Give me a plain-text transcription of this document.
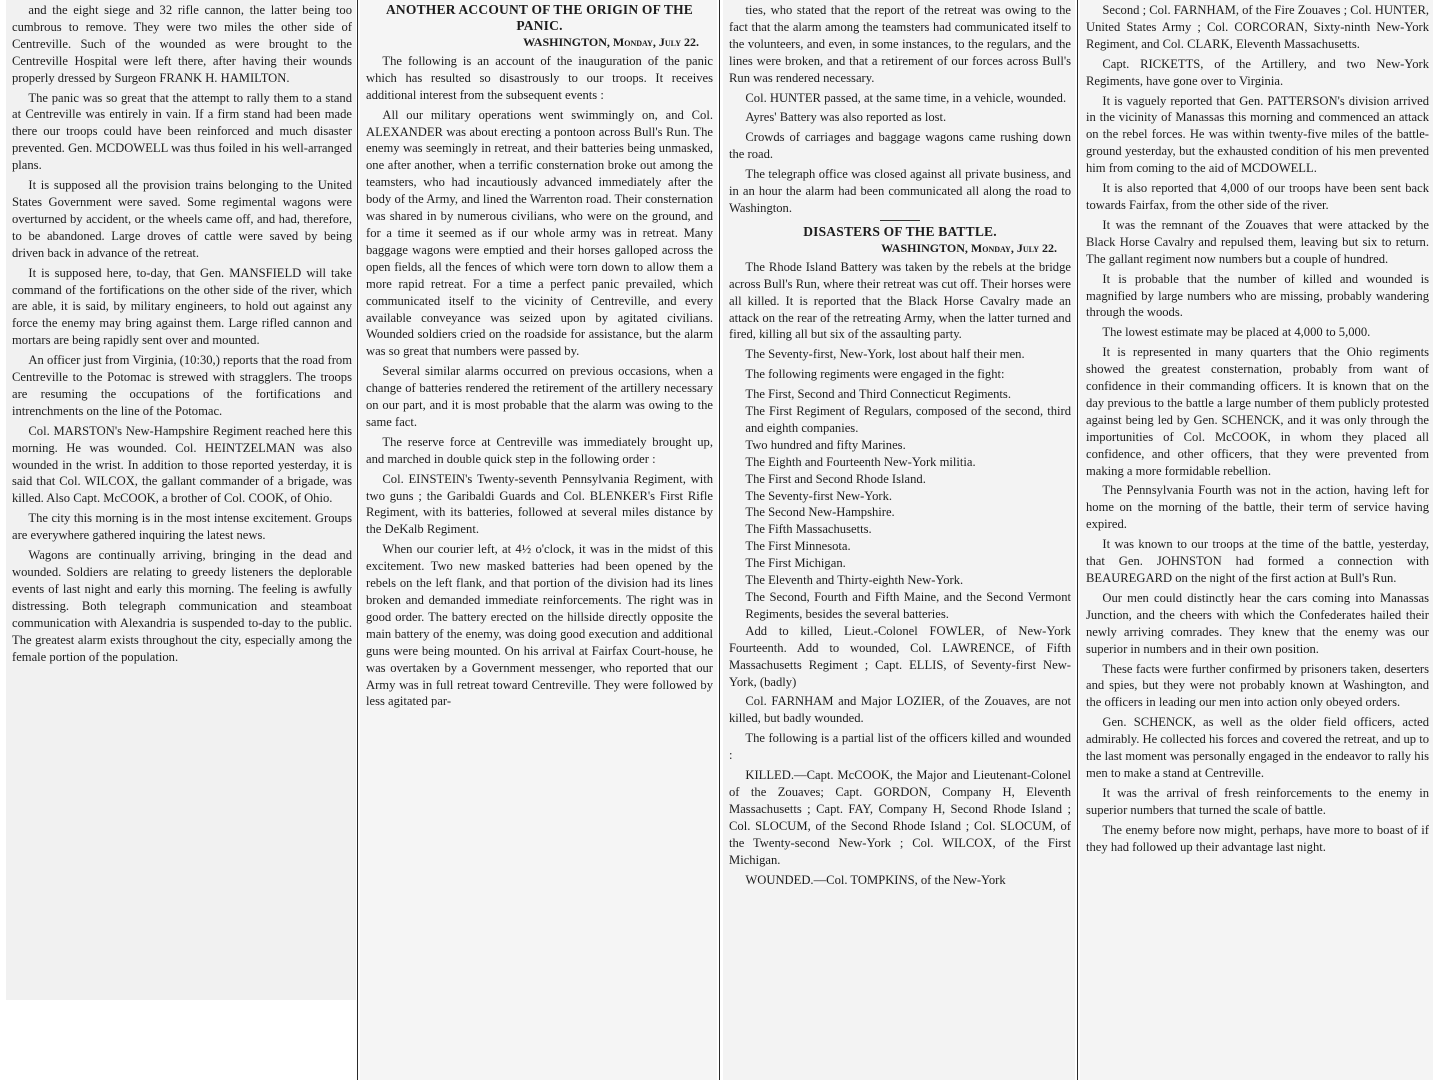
and the eight siege and 32 rifle cannon, the latter being too cumbrous to remove. They were two miles the other side of Centreville. Such of the wounded as were brought to the Centreville Hospital were left there, after having their wounds properly dressed by Surgeon FRANK H. HAMILTON.

The panic was so great that the attempt to rally them to a stand at Centreville was entirely in vain. If a firm stand had been made there our troops could have been reinforced and much disaster prevented. Gen. MCDOWELL was thus foiled in his well-arranged plans.

It is supposed all the provision trains belonging to the United States Government were saved. Some regimental wagons were overturned by accident, or the wheels came off, and had, therefore, to be abandoned. Large droves of cattle were saved by being driven back in advance of the retreat.

It is supposed here, to-day, that Gen. MANSFIELD will take command of the fortifications on the other side of the river, which are able, it is said, by military engineers, to hold out against any force the enemy may bring against them. Large rifled cannon and mortars are being rapidly sent over and mounted.

An officer just from Virginia, (10:30,) reports that the road from Centreville to the Potomac is strewed with stragglers. The troops are resuming the occupations of the fortifications and intrenchments on the line of the Potomac.

Col. MARSTON's New-Hampshire Regiment reached here this morning. He was wounded. Col. HEINTZELMAN was also wounded in the wrist. In addition to those reported yesterday, it is said that Col. WILCOX, the gallant commander of a brigade, was killed. Also Capt. McCOOK, a brother of Col. COOK, of Ohio.

The city this morning is in the most intense excitement. Groups are everywhere gathered inquiring the latest news.

Wagons are continually arriving, bringing in the dead and wounded. Soldiers are relating to greedy listeners the deplorable events of last night and early this morning. The feeling is awfully distressing. Both telegraph communication and steamboat communication with Alexandria is suspended to-day to the public. The greatest alarm exists throughout the city, especially among the female portion of the population.

ANOTHER ACCOUNT OF THE ORIGIN OF THE PANIC.
WASHINGTON, Monday, July 22.

The following is an account of the inauguration of the panic which has resulted so disastrously to our troops. It receives additional interest from the subsequent events :

All our military operations went swimmingly on, and Col. ALEXANDER was about erecting a pontoon across Bull's Run. The enemy was seemingly in retreat, and their batteries being unmasked, one after another, when a terrific consternation broke out among the teamsters, who had incautiously advanced immediately after the body of the Army, and lined the Warrenton road. Their consternation was shared in by numerous civilians, who were on the ground, and for a time it seemed as if our whole army was in retreat. Many baggage wagons were emptied and their horses galloped across the open fields, all the fences of which were torn down to allow them a more rapid retreat. For a time a perfect panic prevailed, which communicated itself to the vicinity of Centreville, and every available conveyance was seized upon by agitated civilians. Wounded soldiers cried on the roadside for assistance, but the alarm was so great that numbers were passed by.

Several similar alarms occurred on previous occasions, when a change of batteries rendered the retirement of the artillery necessary on our part, and it is most probable that the alarm was owing to the same fact.

The reserve force at Centreville was immediately brought up, and marched in double quick step in the following order :

Col. EINSTEIN's Twenty-seventh Pennsylvania Regiment, with two guns ; the Garibaldi Guards and Col. BLENKER's First Rifle Regiment, with its batteries, followed at several miles distance by the DeKalb Regiment.

When our courier left, at 4½ o'clock, it was in the midst of this excitement. Two new masked batteries had been opened by the rebels on the left flank, and that portion of the division had its lines broken and demanded immediate reinforcements. The right was in good order. The battery erected on the hillside directly opposite the main battery of the enemy, was doing good execution and additional guns were being mounted. On his arrival at Fairfax Court-house, he was overtaken by a Government messenger, who reported that our Army was in full retreat toward Centreville. They were followed by less agitated par-

ties, who stated that the report of the retreat was owing to the fact that the alarm among the teamsters had communicated itself to the volunteers, and even, in some instances, to the regulars, and the lines were broken, and that a retirement of our forces across Bull's Run was rendered necessary.

Col. HUNTER passed, at the same time, in a vehicle, wounded.

Ayres' Battery was also reported as lost.

Crowds of carriages and baggage wagons came rushing down the road.

The telegraph office was closed against all private business, and in an hour the alarm had been communicated all along the road to Washington.

DISASTERS OF THE BATTLE.
WASHINGTON, Monday, July 22.

The Rhode Island Battery was taken by the rebels at the bridge across Bull's Run, where their retreat was cut off. Their horses were all killed. It is reported that the Black Horse Cavalry made an attack on the rear of the retreating Army, when the latter turned and fired, killing all but six of the assaulting party.

The Seventy-first, New-York, lost about half their men.

The following regiments were engaged in the fight:

The First, Second and Third Connecticut Regiments.

The First Regiment of Regulars, composed of the second, third and eighth companies.

Two hundred and fifty Marines.

The Eighth and Fourteenth New-York militia.

The First and Second Rhode Island.

The Seventy-first New-York.

The Second New-Hampshire.

The Fifth Massachusetts.

The First Minnesota.

The First Michigan.

The Eleventh and Thirty-eighth New-York.

The Second, Fourth and Fifth Maine, and the Second Vermont Regiments, besides the several batteries.

Add to killed, Lieut.-Colonel FOWLER, of New-York Fourteenth. Add to wounded, Col. LAWRENCE, of Fifth Massachusetts Regiment ; Capt. ELLIS, of Seventy-first New-York, (badly)

Col. FARNHAM and Major LOZIER, of the Zouaves, are not killed, but badly wounded.

The following is a partial list of the officers killed and wounded :

KILLED.—Capt. McCOOK, the Major and Lieutenant-Colonel of the Zouaves; Capt. GORDON, Company H, Eleventh Massachusetts ; Capt. FAY, Company H, Second Rhode Island ; Col. SLOCUM, of the Second Rhode Island ; Col. SLOCUM, of the Twenty-second New-York ; Col. WILCOX, of the First Michigan.

WOUNDED.—Col. TOMPKINS, of the New-York

Second ; Col. FARNHAM, of the Fire Zouaves ; Col. HUNTER, United States Army ; Col. CORCORAN, Sixty-ninth New-York Regiment, and Col. CLARK, Eleventh Massachusetts.

Capt. RICKETTS, of the Artillery, and two New-York Regiments, have gone over to Virginia.

It is vaguely reported that Gen. PATTERSON's division arrived in the vicinity of Manassas this morning and commenced an attack on the rebel forces. He was within twenty-five miles of the battle-ground yesterday, but the exhausted condition of his men prevented him from coming to the aid of MCDOWELL.

It is also reported that 4,000 of our troops have been sent back towards Fairfax, from the other side of the river.

It was the remnant of the Zouaves that were attacked by the Black Horse Cavalry and repulsed them, leaving but six to return. The gallant regiment now numbers but a couple of hundred.

It is probable that the number of killed and wounded is magnified by large numbers who are missing, probably wandering through the woods.

The lowest estimate may be placed at 4,000 to 5,000.

It is represented in many quarters that the Ohio regiments showed the greatest consternation, probably from want of confidence in their commanding officers. It is known that on the day previous to the battle a large number of them publicly protested against being led by Gen. SCHENCK, and it was only through the importunities of Col. McCOOK, in whom they placed all confidence, and other officers, that they were prevented from making a more formidable rebellion.

The Pennsylvania Fourth was not in the action, having left for home on the morning of the battle, their term of service having expired.

It was known to our troops at the time of the battle, yesterday, that Gen. JOHNSTON had formed a connection with BEAUREGARD on the night of the first action at Bull's Run.

Our men could distinctly hear the cars coming into Manassas Junction, and the cheers with which the Confederates hailed their newly arriving comrades. They knew that the enemy was our superior in numbers and in their own position.

These facts were further confirmed by prisoners taken, deserters and spies, but they were not probably known at Washington, and the officers in leading our men into action only obeyed orders.

Gen. SCHENCK, as well as the older field officers, acted admirably. He collected his forces and covered the retreat, and up to the last moment was personally engaged in the endeavor to rally his men to make a stand at Centreville.

It was the arrival of fresh reinforcements to the enemy in superior numbers that turned the scale of battle.

The enemy before now might, perhaps, have more to boast of if they had followed up their advantage last night.
